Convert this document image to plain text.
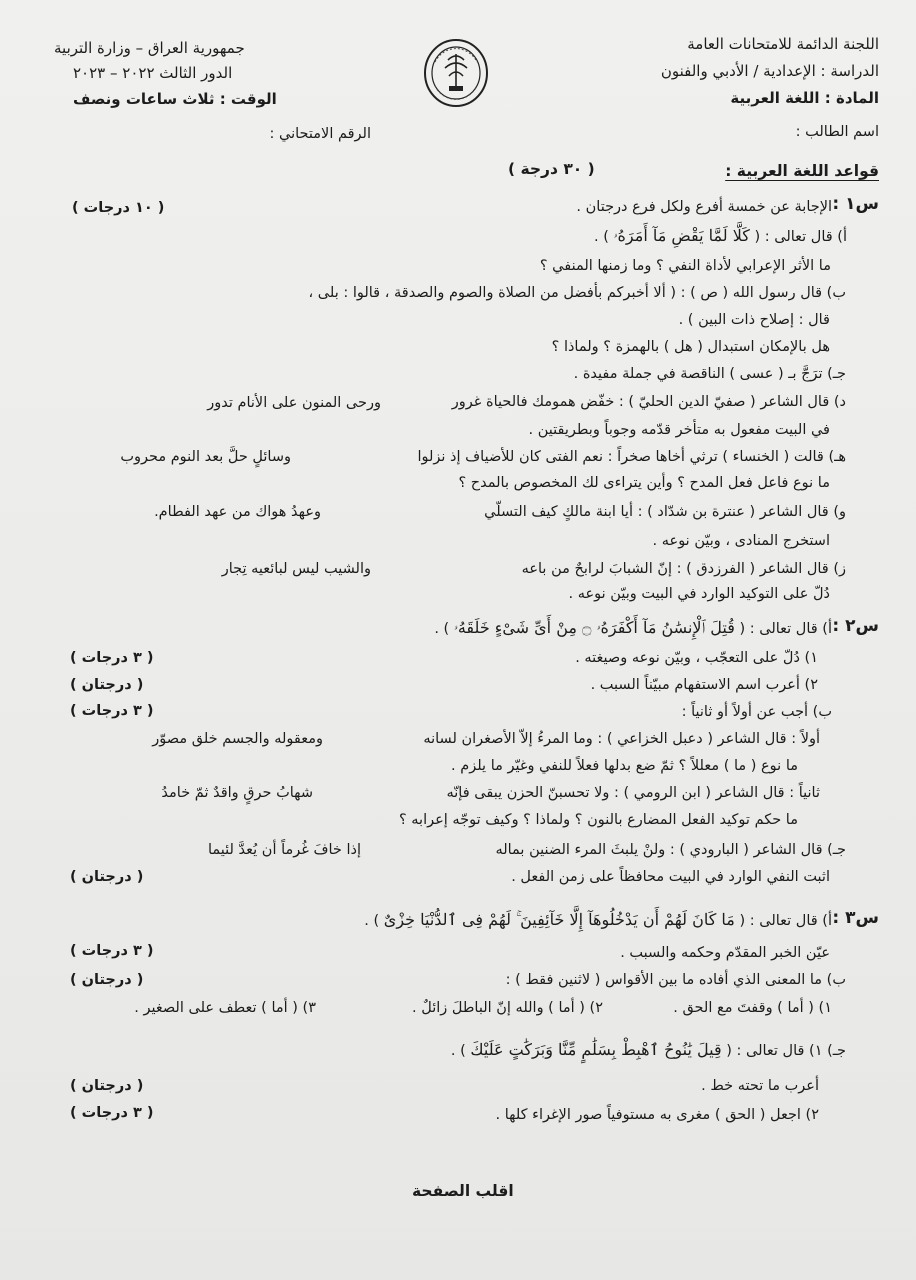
اللجنة الدائمة للامتحانات العامة
الدراسة : الإعدادية / الأدبي والفنون
المادة : اللغة العربية
جمهورية العراق – وزارة التربية
الدور الثالث ٢٠٢٢ – ٢٠٢٣
الوقت : ثلاث ساعات ونصف
اسم الطالب :
الرقم الامتحاني :
قواعد اللغة العربية :
( ٣٠ درجة )
س١ :
الإجابة عن خمسة أفرع ولكل فرع درجتان .
( ١٠ درجات )
أ) قال تعالى : ( كَلَّا لَمَّا يَقْضِ مَآ أَمَرَهُۥ ) .
ما الأثر الإعرابي لأداة النفي ؟ وما زمنها المنفي ؟
ب) قال رسول الله ( ص ) : ( ألا أخبركم بأفضل من الصلاة والصوم والصدقة ، قالوا : بلى ،
قال : إصلاح ذات البين ) .
هل بالإمكان استبدال ( هل ) بالهمزة ؟ ولماذا ؟
جـ) ترَجَّ بـ ( عسى ) الناقصة في جملة مفيدة .
د) قال الشاعر ( صفيّ الدين الحليّ ) : خفّض همومك فالحياة غرور
ورحى المنون على الأنام تدور
في البيت مفعول به متأخر قدّمه وجوباً وبطريقتين .
هـ) قالت ( الخنساء ) ترثي أخاها صخراً : نعم الفتى كان للأضياف إذ نزلوا
وسائلٍ حلَّ بعد النوم محروب
ما نوع فاعل فعل المدح ؟ وأين يتراءى لك المخصوص بالمدح ؟
و) قال الشاعر ( عنترة بن شدّاد ) : أيا ابنة مالكٍ كيف التسلّي
وعهدُ هواك من عهد الفطام.
استخرج المنادى ، وبيّن نوعه .
ز) قال الشاعر ( الفرزدق ) : إنّ الشبابَ لرابحٌ من باعه
والشيب ليس لبائعيه تِجار
دُلّ على التوكيد الوارد في البيت وبيّن نوعه .
س٢ :
أ) قال تعالى : ( قُتِلَ ٱلْإِنسَٰنُ مَآ أَكْفَرَهُۥ ۝ مِنْ أَىِّ شَىْءٍ خَلَقَهُۥ ) .
١) دُلّ على التعجّب ، وبيّن نوعه وصيغته .
( ٣ درجات )
٢) أعرب اسم الاستفهام مبيّناً السبب .
( درجتان )
ب) أجب عن أولاً أو ثانياً :
( ٣ درجات )
أولاً : قال الشاعر ( دعبل الخزاعي ) : وما المرءُ إلاّ الأصغران لسانه
ومعقوله والجسم خلق مصوّر
ما نوع ( ما ) معللاً ؟ ثمّ ضع بدلها فعلاً للنفي وغيّر ما يلزم .
ثانياً : قال الشاعر ( ابن الرومي ) : ولا تحسبنّ الحزن يبقى فإنّه
شهابُ حرقٍ واقدٌ ثمّ خامدُ
ما حكم توكيد الفعل المضارع بالنون ؟ ولماذا ؟ وكيف توجّه إعرابه ؟
جـ) قال الشاعر ( البارودي ) : ولنْ يلبثَ المرء الضنين بماله
إذا خافَ غُرماً أن يُعدَّ لئيما
اثبت النفي الوارد في البيت محافظاً على زمن الفعل .
( درجتان )
س٣ :
أ) قال تعالى : ( مَا كَانَ لَهُمْ أَن يَدْخُلُوهَآ إِلَّا خَآئِفِينَ ۚ لَهُمْ فِى ٱلدُّنْيَا خِزْىٌ ) .
عيّن الخبر المقدّم وحكمه والسبب .
( ٣ درجات )
ب) ما المعنى الذي أفاده ما بين الأقواس ( لاثنين فقط ) :
( درجتان )
١) ( أما ) وقفتَ مع الحق .
٢) ( أما ) والله إنّ الباطلَ زائلٌ .
٣) ( أما ) تعطف على الصغير .
جـ) ١) قال تعالى : ( قِيلَ يَٰنُوحُ ٱهْبِطْ بِسَلَٰمٍ مِّنَّا وَبَرَكَٰتٍ عَلَيْكَ ) .
أعرب ما تحته خط .
( درجتان )
٢) اجعل ( الحق ) مغرى به مستوفياً صور الإغراء كلها .
( ٣ درجات )
اقلب الصفحة
